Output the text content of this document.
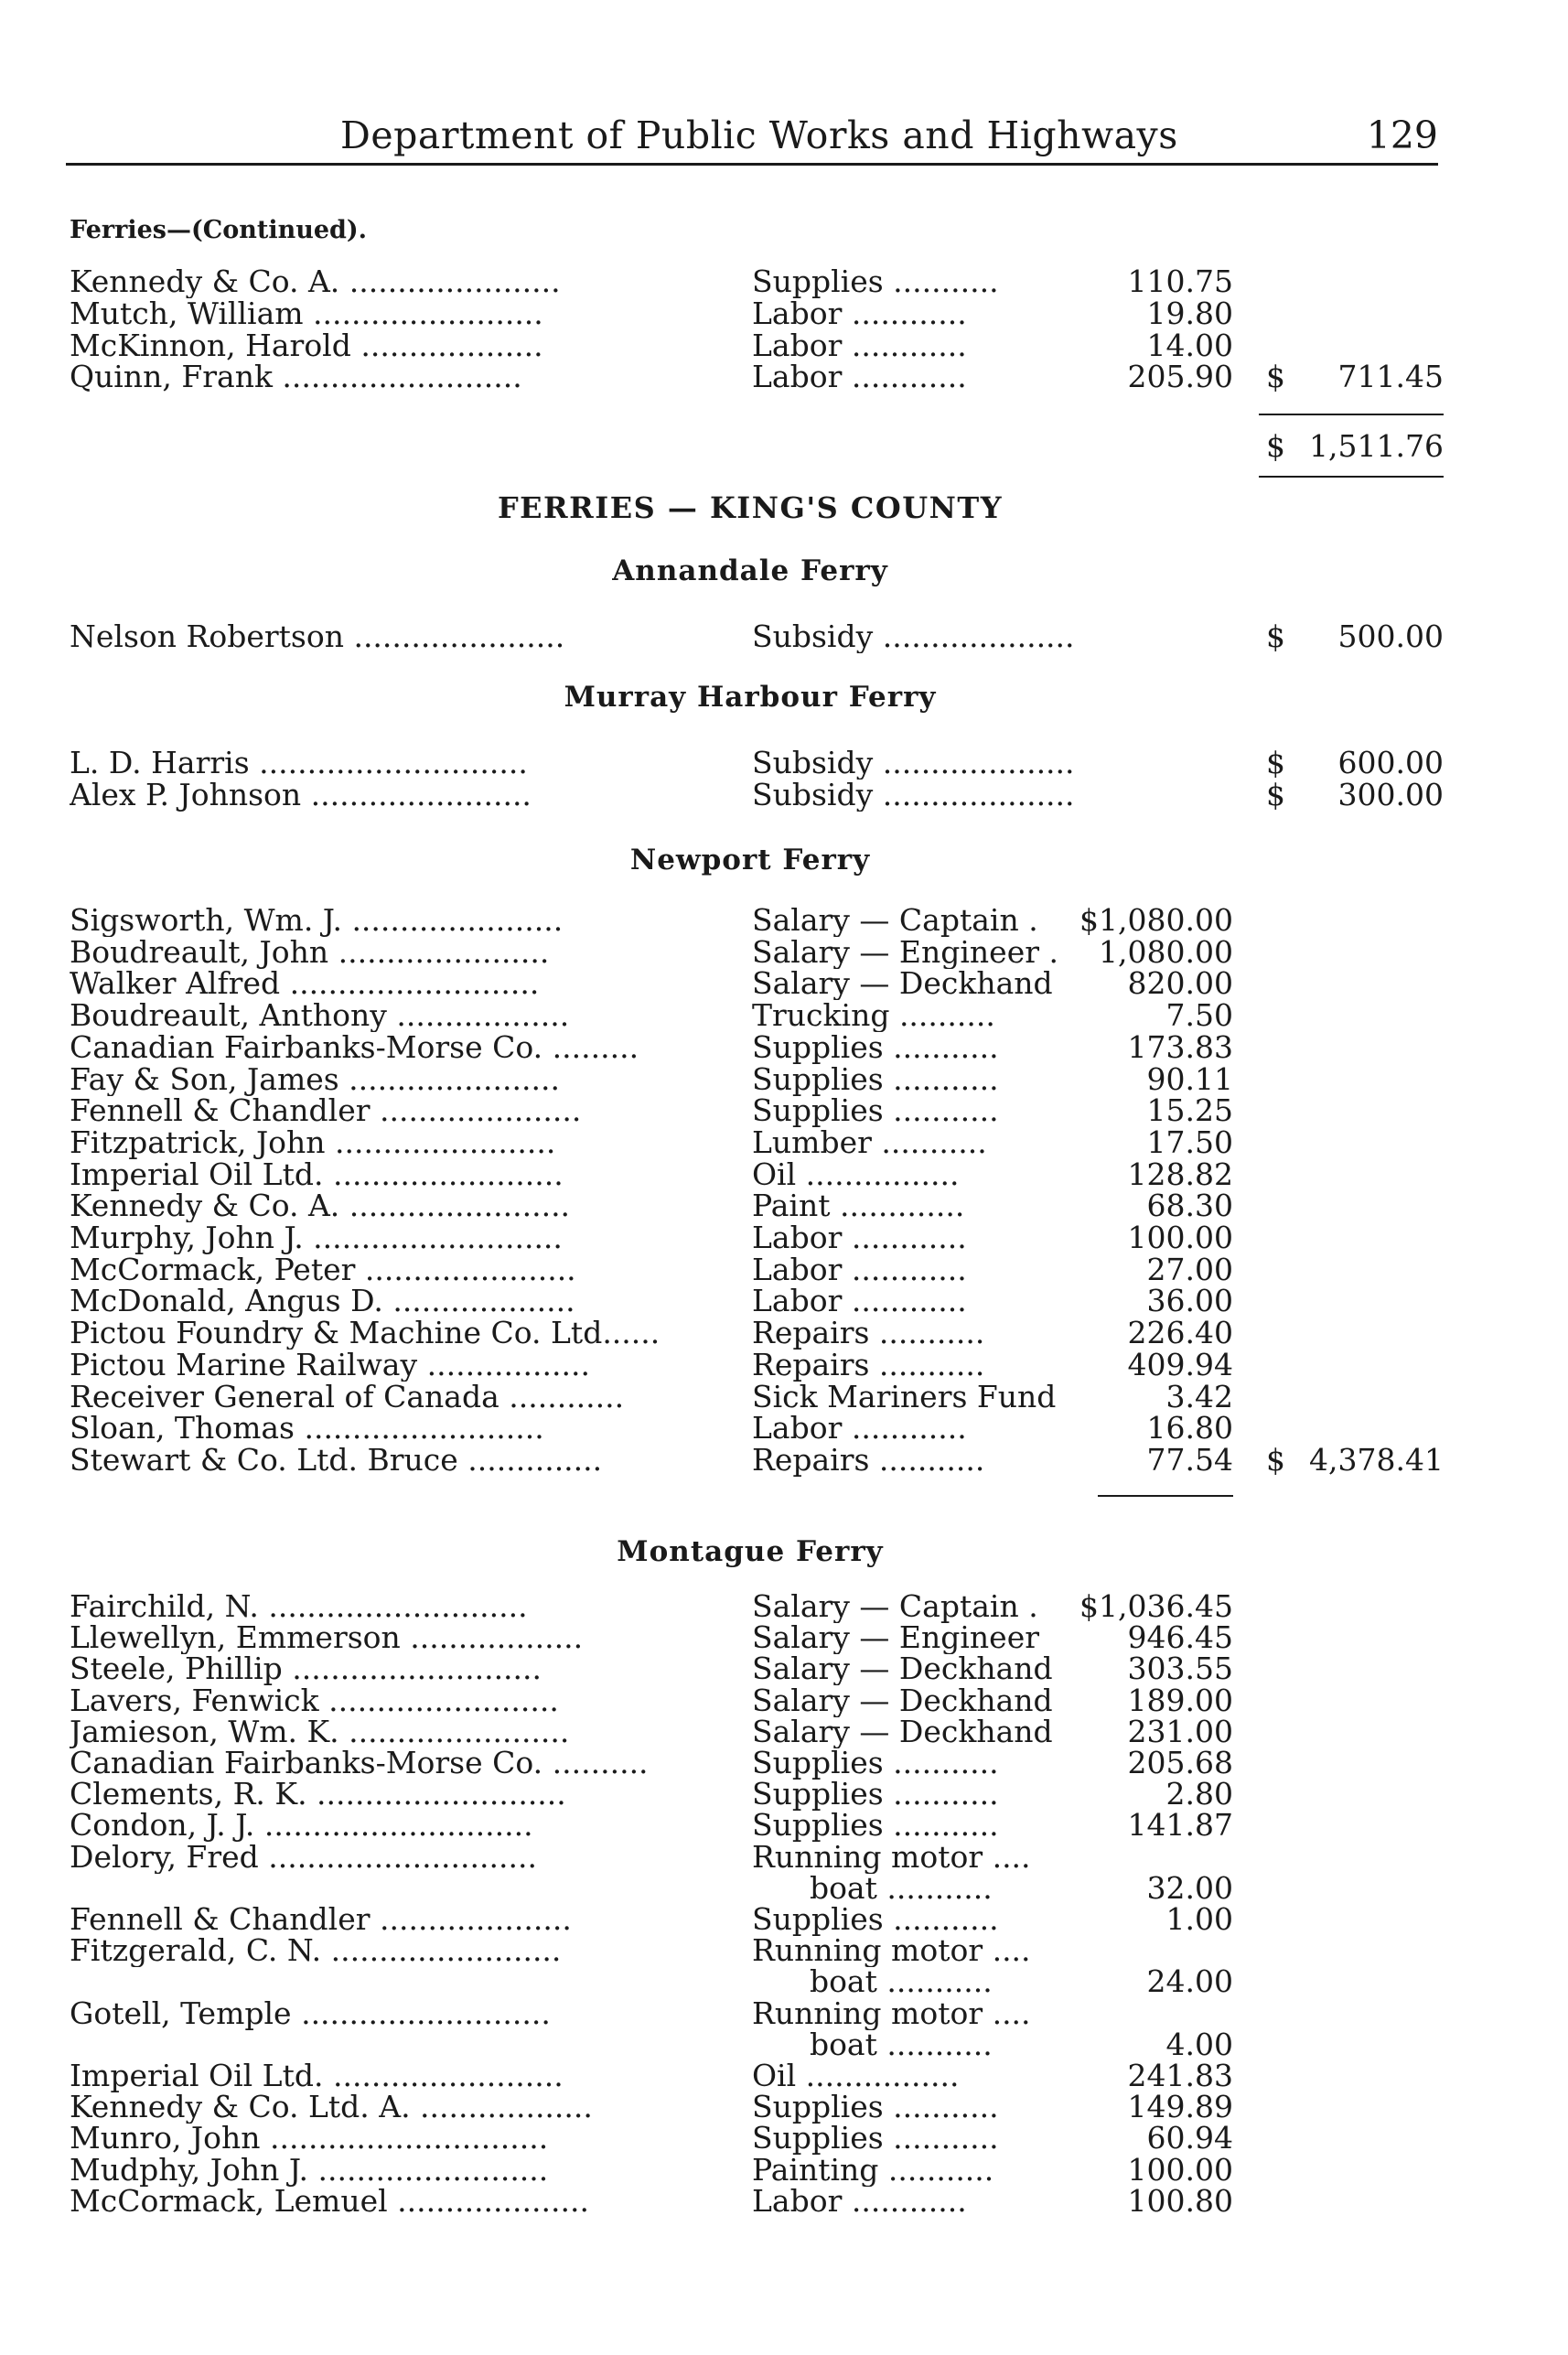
Department of Public Works and Highways	129
Ferries—(Continued).
Kennedy & Co. A. ......................	Supplies ...........	110.75
Mutch, William ........................	Labor ............	19.80
McKinnon, Harold ...................	Labor ............	14.00
Quinn, Frank .........................	Labor ............	205.90 $	711.45
$ 1,511.76
FERRIES — KING'S COUNTY
Annandale Ferry
Nelson Robertson ......................	Subsidy ....................	$	500.00
Murray Harbour Ferry
L. D. Harris ............................	Subsidy ....................	$	600.00
Alex P. Johnson .......................	Subsidy ....................	$	300.00
Newport Ferry
Sigsworth, Wm. J. ......................	Salary — Captain .	$1,080.00
Boudreault, John ......................	Salary — Engineer .	1,080.00
Walker Alfred ..........................	Salary — Deckhand	820.00
Boudreault, Anthony ..................	Trucking ..........	7.50
Canadian Fairbanks-Morse Co. .........	Supplies ...........	173.83
Fay & Son, James ......................	Supplies ...........	90.11
Fennell & Chandler .....................	Supplies ...........	15.25
Fitzpatrick, John .......................	Lumber ...........	17.50
Imperial Oil Ltd. ........................	Oil ................	128.82
Kennedy & Co. A. .......................	Paint .............	68.30
Murphy, John J. ..........................	Labor ............	100.00
McCormack, Peter ......................	Labor ............	27.00
McDonald, Angus D. ...................	Labor ............	36.00
Pictou Foundry & Machine Co. Ltd......	Repairs ...........	226.40
Pictou Marine Railway .................	Repairs ...........	409.94
Receiver General of Canada ............	Sick Mariners Fund	3.42
Sloan, Thomas .........................	Labor ............	16.80
Stewart & Co. Ltd. Bruce ..............	Repairs ...........	77.54 $ 4,378.41
Montague Ferry
Fairchild, N. ...........................	Salary — Captain .	$1,036.45
Llewellyn, Emmerson ..................	Salary — Engineer	946.45
Steele, Phillip ..........................	Salary — Deckhand	303.55
Lavers, Fenwick ........................	Salary — Deckhand	189.00
Jamieson, Wm. K. .......................	Salary — Deckhand	231.00
Canadian Fairbanks-Morse Co. ..........	Supplies ...........	205.68
Clements, R. K. ..........................	Supplies ...........	2.80
Condon, J. J. ............................	Supplies ...........	141.87
Delory, Fred ............................	Running motor ....
boat ...........	32.00
Fennell & Chandler ....................	Supplies ...........	1.00
Fitzgerald, C. N. ........................	Running motor ....
boat ...........	24.00
Gotell, Temple ..........................	Running motor ....
boat ...........	4.00
Imperial Oil Ltd. ........................	Oil ................	241.83
Kennedy & Co. Ltd. A. ..................	Supplies ...........	149.89
Munro, John .............................	Supplies ...........	60.94
Mudphy, John J. ........................	Painting ...........	100.00
McCormack, Lemuel ....................	Labor ............	100.80
